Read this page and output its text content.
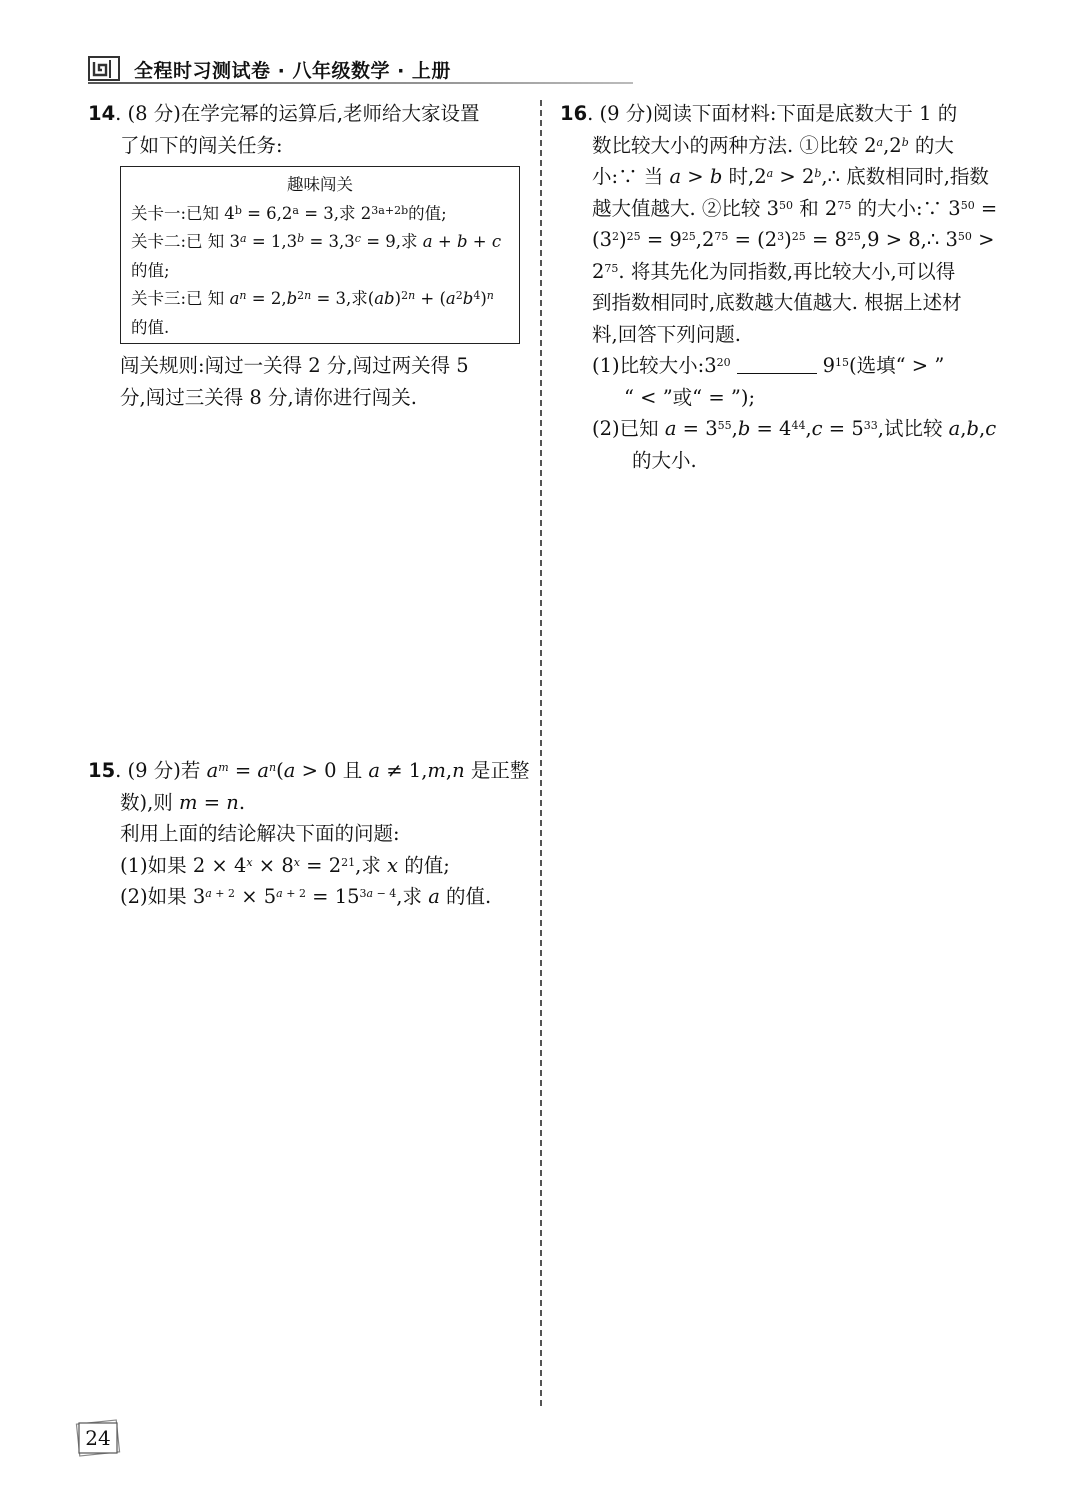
全程时习测试卷 · 八年级数学 · 上册

14. (8 分)在学完幂的运算后,老师给大家设置

了如下的闯关任务:

趣味闯关

关卡一:已知 $4^b = 6,2^a = 3$,求 $2^{3a+2b}$的值;

关卡二:已 知 $3^a = 1,3^b = 3,3^c = 9$,求 a + b + c

的值;

关卡三:已 知 $a^n = 2,b^{2n} = 3$,求$(ab)^{2n} + (a^2b^4)^n$

的值.

闯关规则:闯过一关得 2 分,闯过两关得 5

分,闯过三关得 8 分,请你进行闯关.

15. (9 分)若 $a^m = a^n(a > 0$ 且 a ≠ 1,m,n 是正整

数),则 m = n.

利用上面的结论解决下面的问题:

(1)如果 $2 \times 4^x \times 8^x = 2^{21}$,求 x 的值;

(2)如果 $3^{a + 2} \times 5^{a + 2} = 15^{3a - 4}$,求 a 的值.

16. (9 分)阅读下面材料:下面是底数大于 1 的

数比较大小的两种方法. ①比较 2$^a$,2$^b$ 的大

小:∵ 当 a > b 时$,2^a > 2^b,\therefore$ 底数相同时,指数

越大值越大. ②比较 $3^{50}$ 和 $2^{75}$ 的大小:∵ $3^{50}$ =

$(3^2)^{25} = 9^{25},2^{75} = (2^3)^{25} = 8^{25},9$ > 8,∴ $3^{50}$ >

$2^{75}$. 将其先化为同指数,再比较大小,可以得

到指数相同时,底数越大值越大. 根据上述材

料,回答下列问题.

(1)比较大小$:3^{20}$	$9^{15}$(选填“ > ”

“ < ”或“ = ”);

(2)已知 $a = 3^{55},b = 4^{44},c = 5^{33}$,试比较 a,b,c

的大小.

24
